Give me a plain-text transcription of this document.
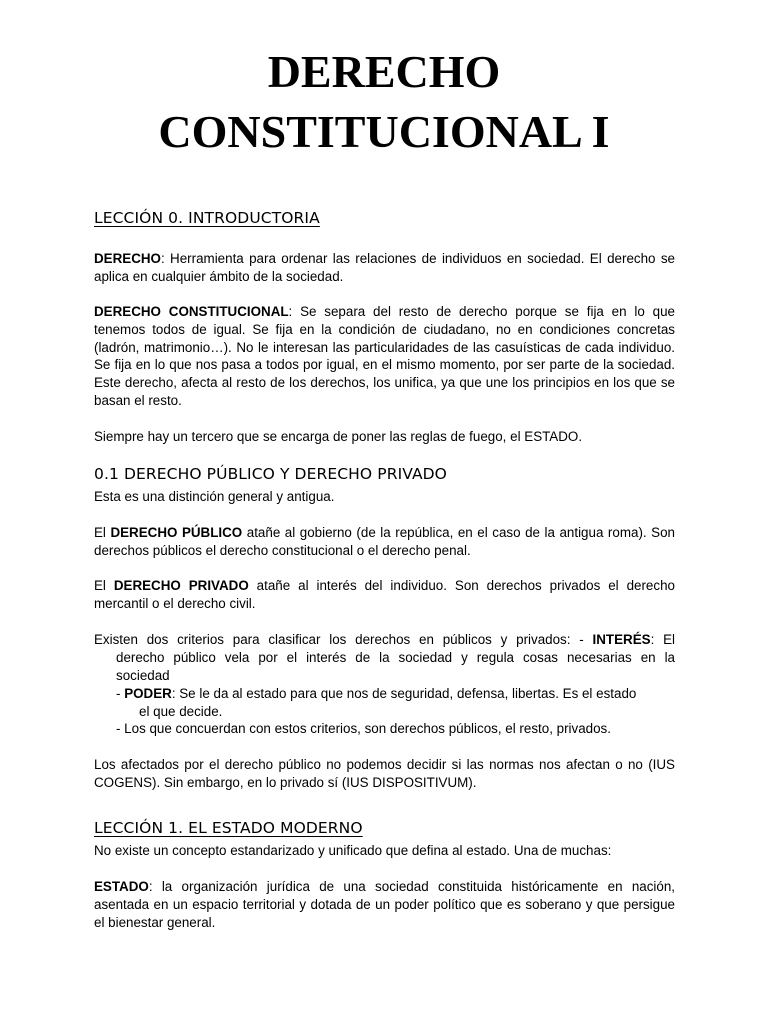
DERECHO
CONSTITUCIONAL I
LECCIÓN 0. INTRODUCTORIA

DERECHO: Herramienta para ordenar las relaciones de individuos en sociedad. El derecho se aplica en cualquier ámbito de la sociedad.

DERECHO CONSTITUCIONAL: Se separa del resto de derecho porque se fija en lo que tenemos todos de igual. Se fija en la condición de ciudadano, no en condiciones concretas (ladrón, matrimonio…). No le interesan las particularidades de las casuísticas de cada individuo. Se fija en lo que nos pasa a todos por igual, en el mismo momento, por ser parte de la sociedad. Este derecho, afecta al resto de los derechos, los unifica, ya que une los principios en los que se basan el resto.

Siempre hay un tercero que se encarga de poner las reglas de fuego, el ESTADO.

0.1 DERECHO PÚBLICO Y DERECHO PRIVADO

Esta es una distinción general y antigua.

El DERECHO PÚBLICO atañe al gobierno (de la república, en el caso de la antigua roma). Son derechos públicos el derecho constitucional o el derecho penal.

El DERECHO PRIVADO atañe al interés del individuo. Son derechos privados el derecho mercantil o el derecho civil.

Existen dos criterios para clasificar los derechos en públicos y privados: - INTERÉS: El

derecho público vela por el interés de la sociedad y regula cosas necesarias en la

sociedad

- PODER: Se le da al estado para que nos de seguridad, defensa, libertas. Es el estado

el que decide.

- Los que concuerdan con estos criterios, son derechos públicos, el resto, privados.

Los afectados por el derecho público no podemos decidir si las normas nos afectan o no (IUS COGENS). Sin embargo, en lo privado sí (IUS DISPOSITIVUM).

LECCIÓN 1. EL ESTADO MODERNO

No existe un concepto estandarizado y unificado que defina al estado. Una de muchas:

ESTADO: la organización jurídica de una sociedad constituida históricamente en nación, asentada en un espacio territorial y dotada de un poder político que es soberano y que persigue el bienestar general.
